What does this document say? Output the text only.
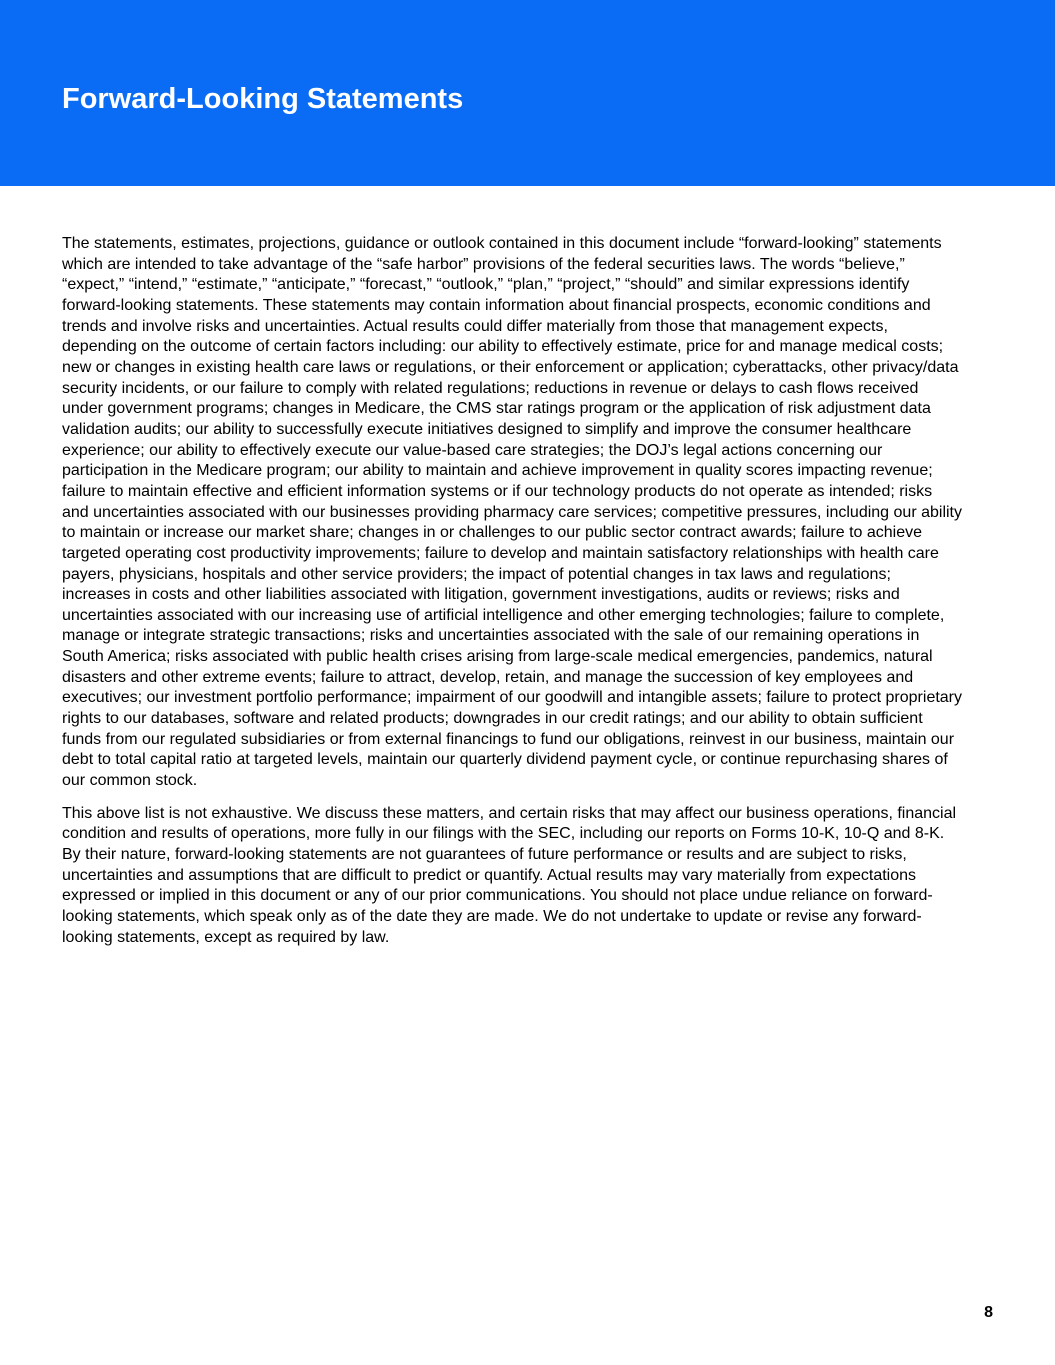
Forward-Looking Statements

The statements, estimates, projections, guidance or outlook contained in this document include “forward-looking” statements which are intended to take advantage of the “safe harbor” provisions of the federal securities laws. The words “believe,” “expect,” “intend,” “estimate,” “anticipate,” “forecast,” “outlook,” “plan,” “project,” “should” and similar expressions identify forward-looking statements. These statements may contain information about financial prospects, economic conditions and trends and involve risks and uncertainties. Actual results could differ materially from those that management expects, depending on the outcome of certain factors including: our ability to effectively estimate, price for and manage medical costs; new or changes in existing health care laws or regulations, or their enforcement or application; cyberattacks, other privacy/data security incidents, or our failure to comply with related regulations; reductions in revenue or delays to cash flows received under government programs; changes in Medicare, the CMS star ratings program or the application of risk adjustment data validation audits; our ability to successfully execute initiatives designed to simplify and improve the consumer healthcare experience; our ability to effectively execute our value-based care strategies; the DOJ’s legal actions concerning our participation in the Medicare program; our ability to maintain and achieve improvement in quality scores impacting revenue; failure to maintain effective and efficient information systems or if our technology products do not operate as intended; risks and uncertainties associated with our businesses providing pharmacy care services; competitive pressures, including our ability to maintain or increase our market share; changes in or challenges to our public sector contract awards; failure to achieve targeted operating cost productivity improvements; failure to develop and maintain satisfactory relationships with health care payers, physicians, hospitals and other service providers; the impact of potential changes in tax laws and regulations; increases in costs and other liabilities associated with litigation, government investigations, audits or reviews; risks and uncertainties associated with our increasing use of artificial intelligence and other emerging technologies; failure to complete, manage or integrate strategic transactions; risks and uncertainties associated with the sale of our remaining operations in South America; risks associated with public health crises arising from large-scale medical emergencies, pandemics, natural disasters and other extreme events; failure to attract, develop, retain, and manage the succession of key employees and executives; our investment portfolio performance; impairment of our goodwill and intangible assets; failure to protect proprietary rights to our databases, software and related products; downgrades in our credit ratings; and our ability to obtain sufficient funds from our regulated subsidiaries or from external financings to fund our obligations, reinvest in our business, maintain our debt to total capital ratio at targeted levels, maintain our quarterly dividend payment cycle, or continue repurchasing shares of our common stock.

This above list is not exhaustive. We discuss these matters, and certain risks that may affect our business operations, financial condition and results of operations, more fully in our filings with the SEC, including our reports on Forms 10-K, 10-Q and 8-K. By their nature, forward-looking statements are not guarantees of future performance or results and are subject to risks, uncertainties and assumptions that are difficult to predict or quantify. Actual results may vary materially from expectations expressed or implied in this document or any of our prior communications. You should not place undue reliance on forward-looking statements, which speak only as of the date they are made. We do not undertake to update or revise any forward-looking statements, except as required by law.

8
